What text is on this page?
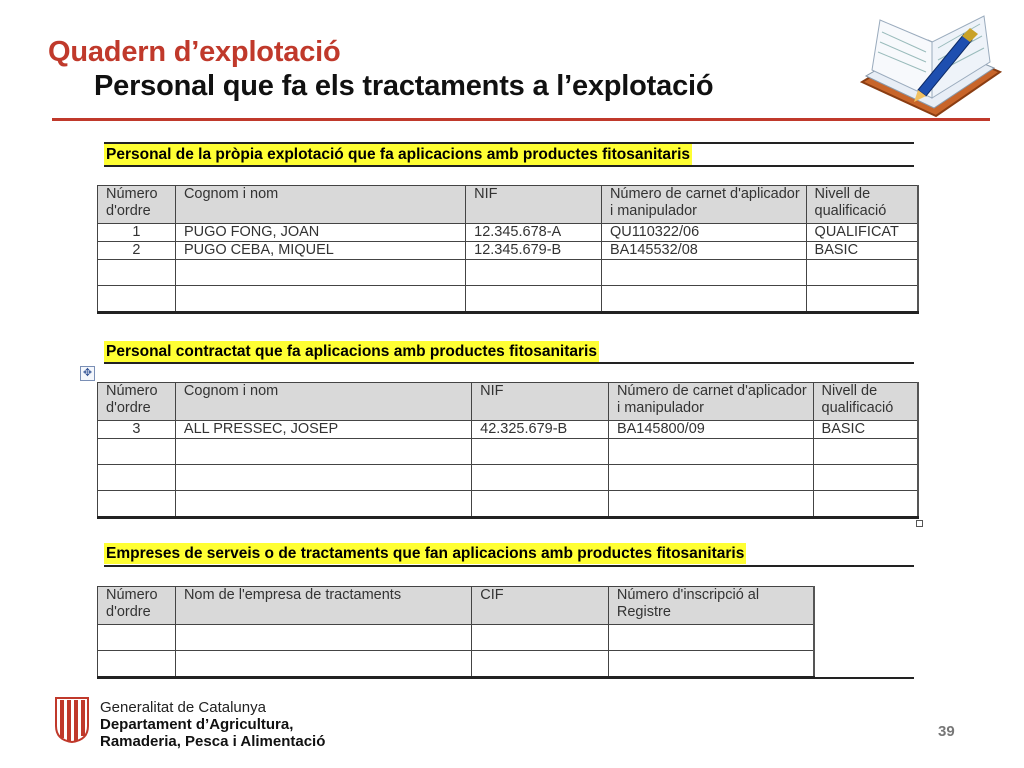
Quadern d’explotació
Personal que fa els tractaments a l’explotació
Personal de la pròpia explotació que fa aplicacions amb productes fitosanitaris
Número d'ordre	Cognom i nom	NIF	Número de carnet d'aplicador i manipulador	Nivell de qualificació
1	PUGO FONG, JOAN	12.345.678-A	QU110322/06	QUALIFICAT
2	PUGO CEBA, MIQUEL	12.345.679-B	BA145532/08	BASIC

Personal contractat que fa aplicacions amb productes fitosanitaris
✥
Número d'ordre	Cognom i nom	NIF	Número de carnet d'aplicador i manipulador	Nivell de qualificació
3	ALL PRESSEC, JOSEP	42.325.679-B	BA145800/09	BASIC

Empreses de serveis o de tractaments que fan aplicacions amb productes fitosanitaris
Número d'ordre	Nom de l'empresa de tractaments	CIF	Número d'inscripció al Registre

Generalitat de Catalunya
Departament d’Agricultura,
Ramaderia, Pesca i Alimentació
39
